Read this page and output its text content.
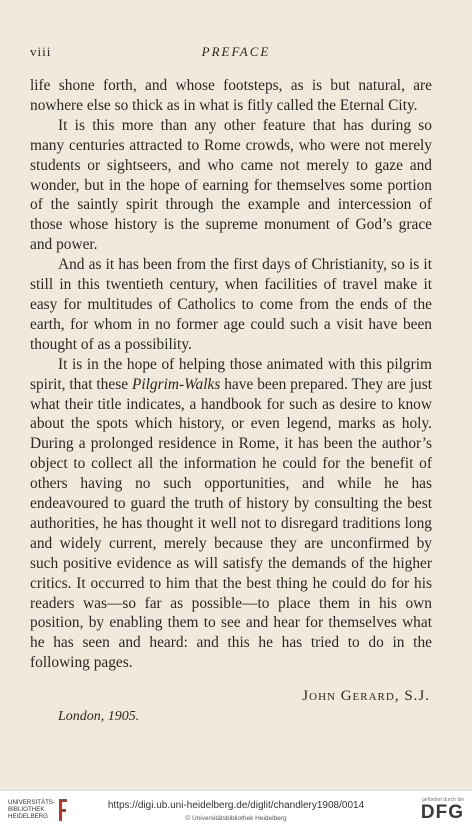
viii	PREFACE

life shone forth, and whose footsteps, as is but natural, are nowhere else so thick as in what is fitly called the Eternal City.

It is this more than any other feature that has during so many centuries attracted to Rome crowds, who were not merely students or sightseers, and who came not merely to gaze and wonder, but in the hope of earning for themselves some portion of the saintly spirit through the example and intercession of those whose history is the supreme monument of God’s grace and power.

And as it has been from the first days of Christianity, so is it still in this twentieth century, when facilities of travel make it easy for multitudes of Catholics to come from the ends of the earth, for whom in no former age could such a visit have been thought of as a possibility.

It is in the hope of helping those animated with this pilgrim spirit, that these Pilgrim-Walks have been prepared. They are just what their title indicates, a handbook for such as desire to know about the spots which history, or even legend, marks as holy. During a prolonged residence in Rome, it has been the author’s object to collect all the information he could for the benefit of others having no such opportunities, and while he has endeavoured to guard the truth of history by consulting the best authorities, he has thought it well not to disregard traditions long and widely current, merely because they are unconfirmed by such positive evidence as will satisfy the demands of the higher critics. It occurred to him that the best thing he could do for his readers was—so far as possible—to place them in his own position, by enabling them to see and hear for themselves what he has seen and heard: and this he has tried to do in the following pages.

John Gerard, S.J.
London, 1905.
UNIVERSITÄTS-
BIBLIOTHEK
HEIDELBERG
https://digi.ub.uni-heidelberg.de/diglit/chandlery1908/0014
© Universitätsbibliothek Heidelberg
gefördert durch die
DFG
